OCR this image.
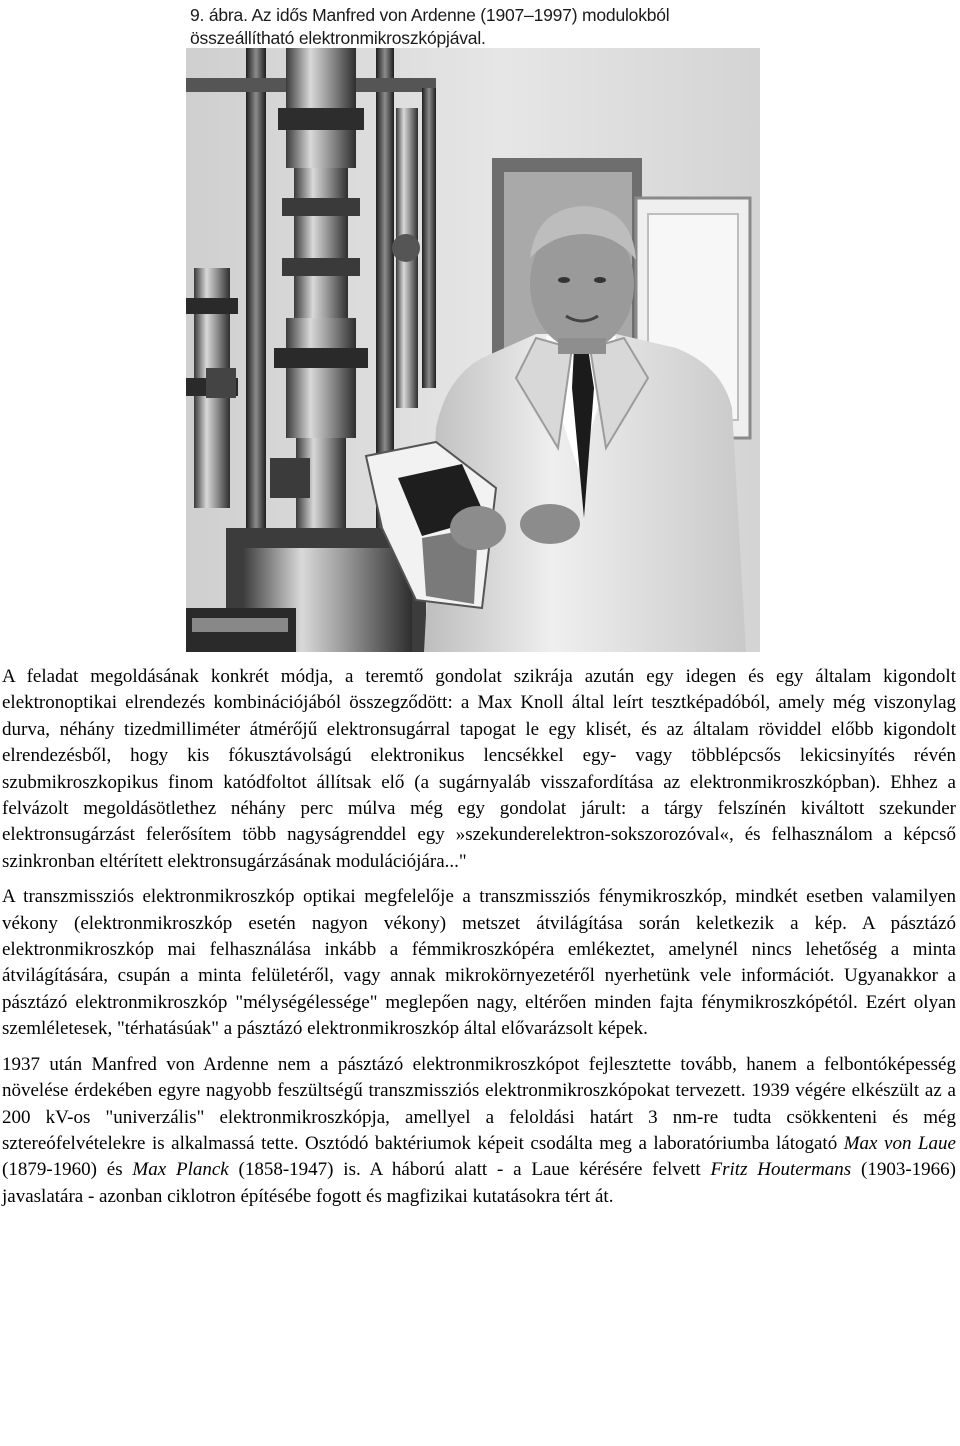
9. ábra. Az idős Manfred von Ardenne (1907–1997) modulokból
összeállítható elektronmikroszkópjával.

A feladat megoldásának konkrét módja, a teremtő gondolat szikrája azután egy idegen és egy általam kigondolt elektronoptikai elrendezés kombinációjából összegződött: a Max Knoll által leírt tesztképadóból, amely még viszonylag durva, néhány tizedmilliméter átmérőjű elektronsugárral tapogat le egy klisét, és az általam röviddel előbb kigondolt elrendezésből, hogy kis fókusztávolságú elektronikus lencsékkel egy- vagy többlépcsős lekicsinyítés révén szubmikroszkopikus finom katódfoltot állítsak elő (a sugárnyaláb visszafordítása az elektronmikroszkópban). Ehhez a felvázolt megoldásötlethez néhány perc múlva még egy gondolat járult: a tárgy felszínén kiváltott szekunder elektronsugárzást felerősítem több nagyságrenddel egy »szekunderelektron-sokszorozóval«, és felhasználom a képcső szinkronban eltérített elektronsugárzásának modulációjára..."

A transzmissziós elektronmikroszkóp optikai megfelelője a transzmissziós fénymikroszkóp, mindkét esetben valamilyen vékony (elektronmikroszkóp esetén nagyon vékony) metszet átvilágítása során keletkezik a kép. A pásztázó elektronmikroszkóp mai felhasználása inkább a fémmikroszkópéra emlékeztet, amelynél nincs lehetőség a minta átvilágítására, csupán a minta felületéről, vagy annak mikrokörnyezetéről nyerhetünk vele információt. Ugyanakkor a pásztázó elektronmikroszkóp "mélységélessége" meglepően nagy, eltérően minden fajta fénymikroszkópétól. Ezért olyan szemléletesek, "térhatásúak" a pásztázó elektronmikroszkóp által elővarázsolt képek.

1937 után Manfred von Ardenne nem a pásztázó elektronmikroszkópot fejlesztette tovább, hanem a felbontóképesség növelése érdekében egyre nagyobb feszültségű transzmissziós elektronmikroszkópokat tervezett. 1939 végére elkészült az a 200 kV-os "univerzális" elektronmikroszkópja, amellyel a feloldási határt 3 nm-re tudta csökkenteni és még sztereófelvételekre is alkalmassá tette. Osztódó baktériumok képeit csodálta meg a laboratóriumba látogató Max von Laue (1879-1960) és Max Planck (1858-1947) is. A háború alatt - a Laue kérésére felvett Fritz Houtermans (1903-1966) javaslatára - azonban ciklotron építésébe fogott és magfizikai kutatásokra tért át.
